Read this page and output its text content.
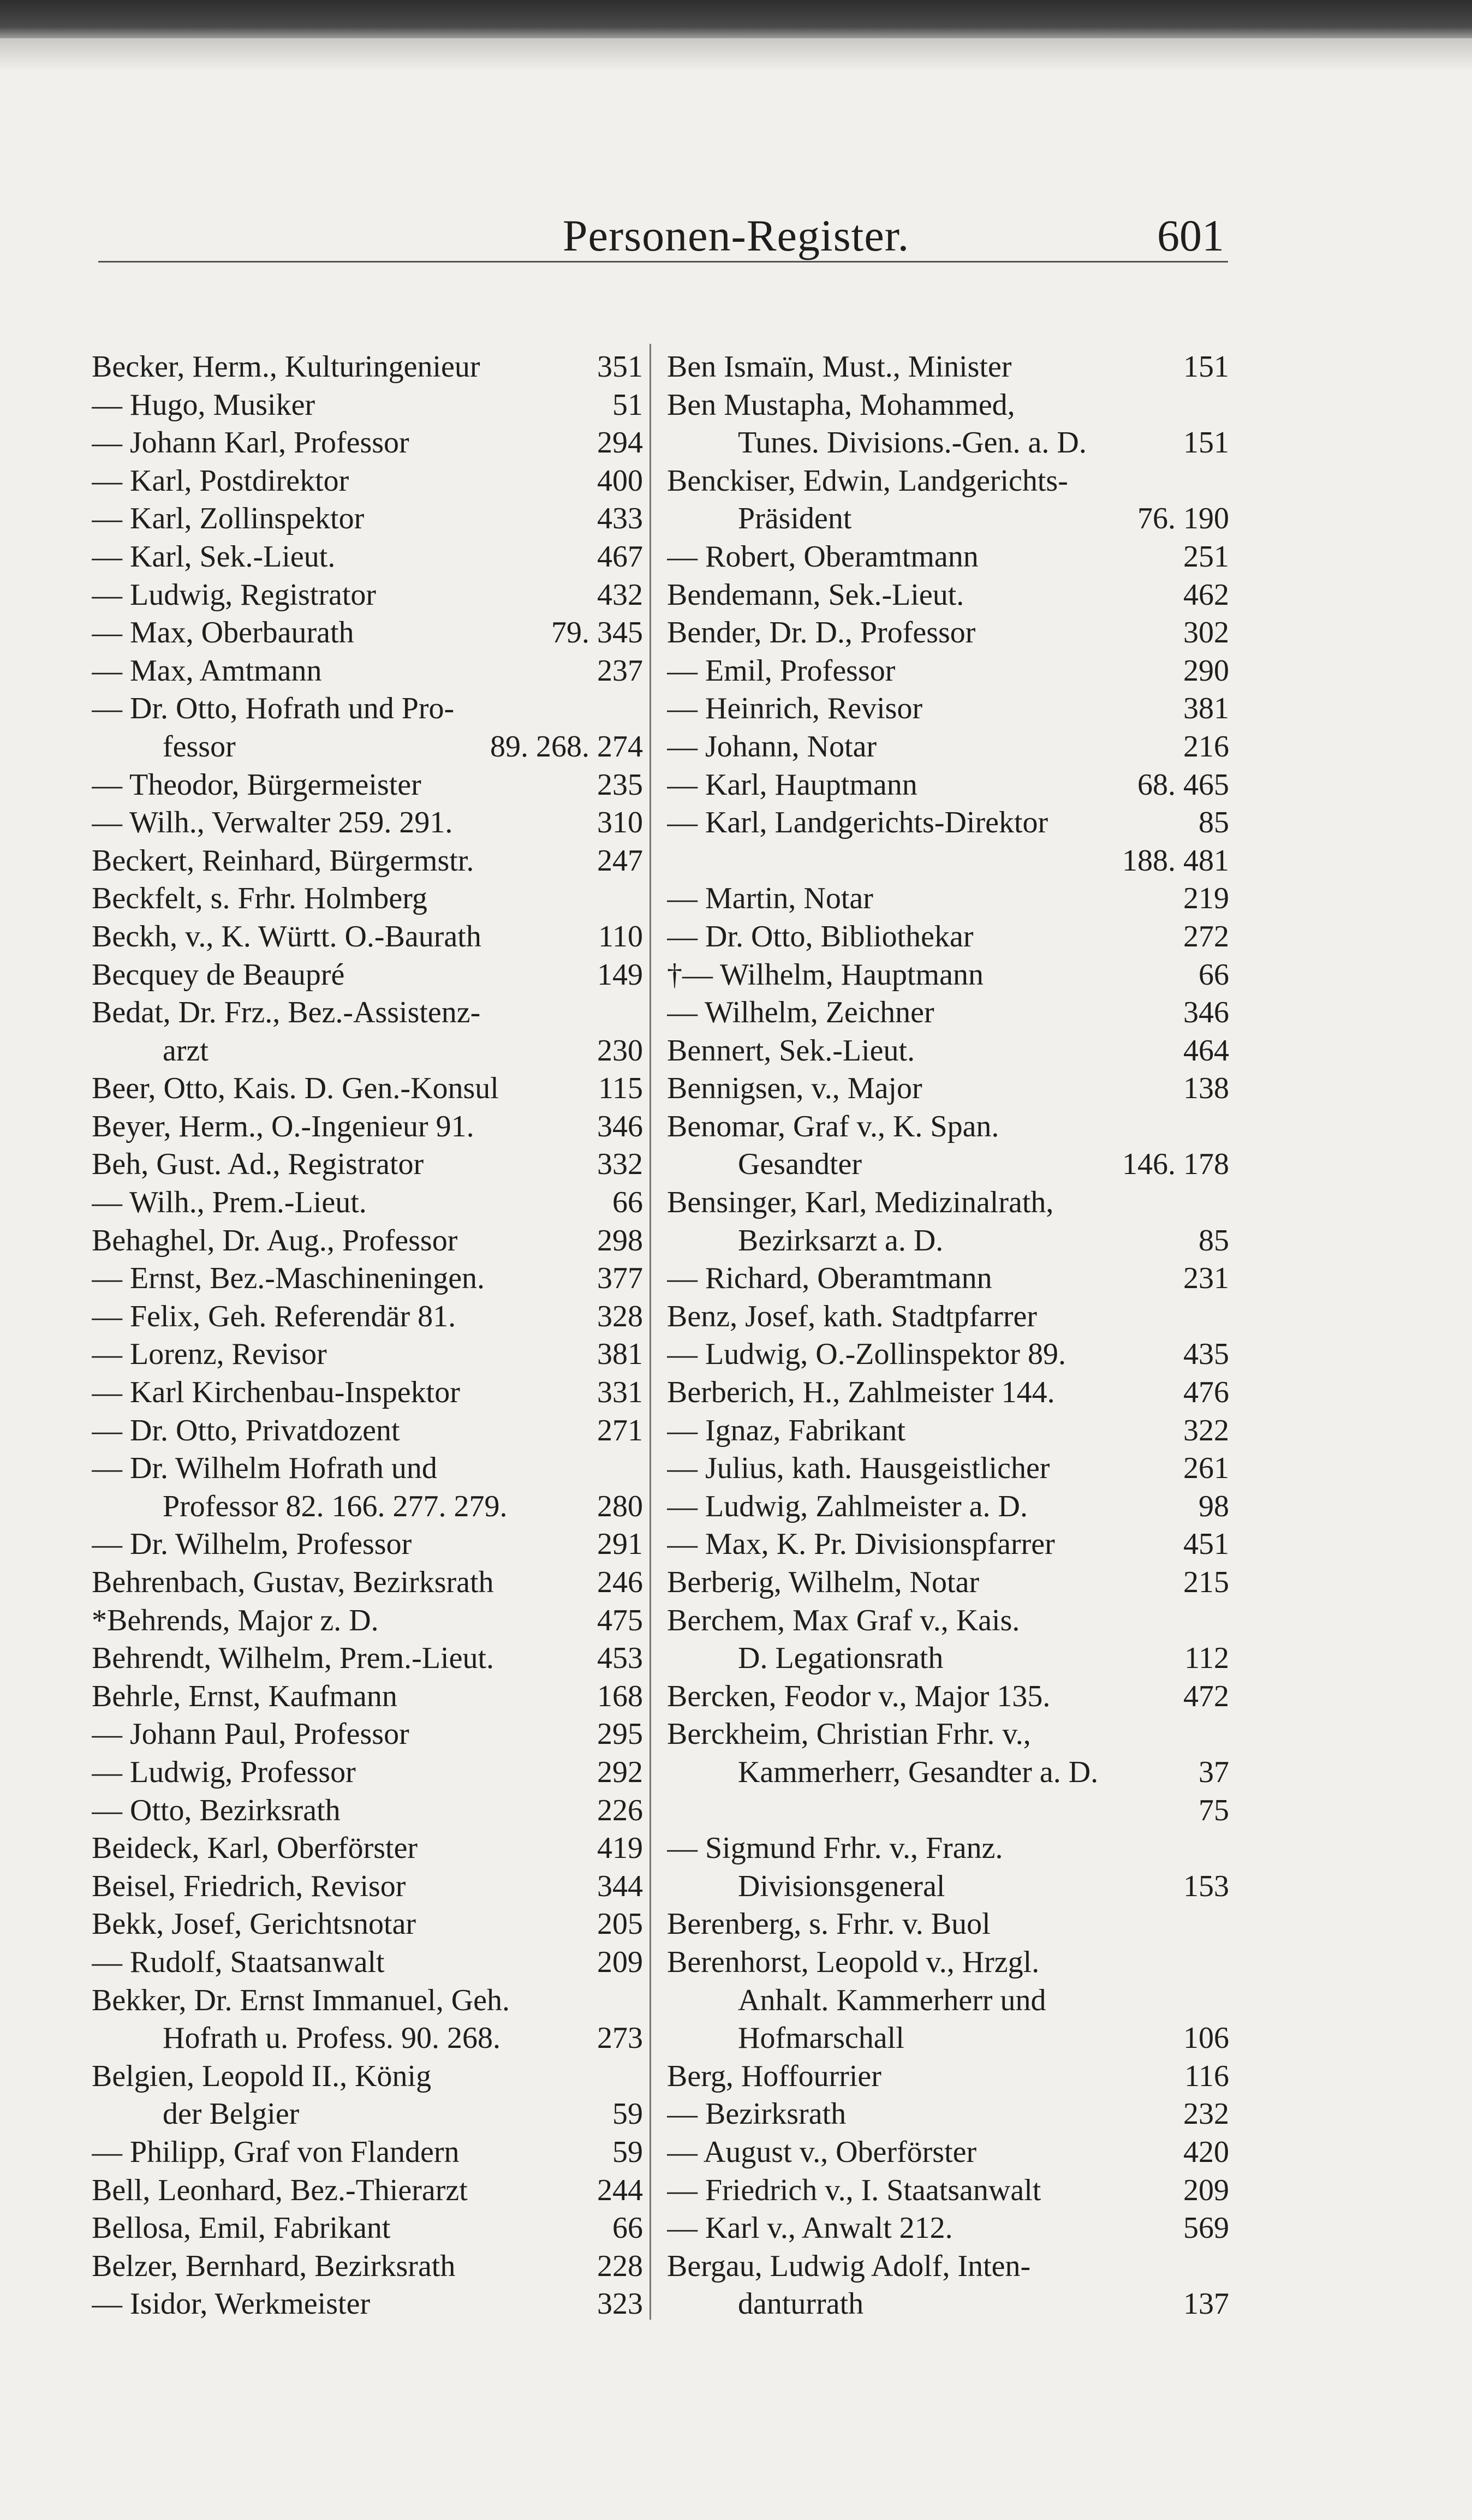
Personen-Register.	601
Becker, Herm., Kulturingenieur	351
— Hugo, Musiker	51
— Johann Karl, Professor	294
— Karl, Postdirektor	400
— Karl, Zollinspektor	433
— Karl, Sek.-Lieut.	467
— Ludwig, Registrator	432
— Max, Oberbaurath	79. 345
— Max, Amtmann	237
— Dr. Otto, Hofrath und Pro-
fessor	89. 268. 274
— Theodor, Bürgermeister	235
— Wilh., Verwalter 259. 291.	310
Beckert, Reinhard, Bürgermstr.	247
Beckfelt, s. Frhr. Holmberg
Beckh, v., K. Württ. O.-Baurath	110
Becquey de Beaupré	149
Bedat, Dr. Frz., Bez.-Assistenz-
arzt	230
Beer, Otto, Kais. D. Gen.-Konsul	115
Beyer, Herm., O.-Ingenieur 91.	346
Beh, Gust. Ad., Registrator	332
— Wilh., Prem.-Lieut.	66
Behaghel, Dr. Aug., Professor	298
— Ernst, Bez.-Maschineningen.	377
— Felix, Geh. Referendär 81.	328
— Lorenz, Revisor	381
— Karl Kirchenbau-Inspektor	331
— Dr. Otto, Privatdozent	271
— Dr. Wilhelm Hofrath und
Professor 82. 166. 277. 279.	280
— Dr. Wilhelm, Professor	291
Behrenbach, Gustav, Bezirksrath	246
*Behrends, Major z. D.	475
Behrendt, Wilhelm, Prem.-Lieut.	453
Behrle, Ernst, Kaufmann	168
— Johann Paul, Professor	295
— Ludwig, Professor	292
— Otto, Bezirksrath	226
Beideck, Karl, Oberförster	419
Beisel, Friedrich, Revisor	344
Bekk, Josef, Gerichtsnotar	205
— Rudolf, Staatsanwalt	209
Bekker, Dr. Ernst Immanuel, Geh.
Hofrath u. Profess. 90. 268.	273
Belgien, Leopold II., König
der Belgier	59
— Philipp, Graf von Flandern	59
Bell, Leonhard, Bez.-Thierarzt	244
Bellosa, Emil, Fabrikant	66
Belzer, Bernhard, Bezirksrath	228
— Isidor, Werkmeister	323
Ben Ismaïn, Must., Minister	151
Ben Mustapha, Mohammed,
Tunes. Divisions.-Gen. a. D.	151
Benckiser, Edwin, Landgerichts-
Präsident	76. 190
— Robert, Oberamtmann	251
Bendemann, Sek.-Lieut.	462
Bender, Dr. D., Professor	302
— Emil, Professor	290
— Heinrich, Revisor	381
— Johann, Notar	216
— Karl, Hauptmann	68. 465
— Karl, Landgerichts-Direktor	85
188. 481
— Martin, Notar	219
— Dr. Otto, Bibliothekar	272
†— Wilhelm, Hauptmann	66
— Wilhelm, Zeichner	346
Bennert, Sek.-Lieut.	464
Bennigsen, v., Major	138
Benomar, Graf v., K. Span.
Gesandter	146. 178
Bensinger, Karl, Medizinalrath,
Bezirksarzt a. D.	85
— Richard, Oberamtmann	231
Benz, Josef, kath. Stadtpfarrer
— Ludwig, O.-Zollinspektor 89.	435
Berberich, H., Zahlmeister 144.	476
— Ignaz, Fabrikant	322
— Julius, kath. Hausgeistlicher	261
— Ludwig, Zahlmeister a. D.	98
— Max, K. Pr. Divisionspfarrer	451
Berberig, Wilhelm, Notar	215
Berchem, Max Graf v., Kais.
D. Legationsrath	112
Bercken, Feodor v., Major 135.	472
Berckheim, Christian Frhr. v.,
Kammerherr, Gesandter a. D.	37
75
— Sigmund Frhr. v., Franz.
Divisionsgeneral	153
Berenberg, s. Frhr. v. Buol
Berenhorst, Leopold v., Hrzgl.
Anhalt. Kammerherr und
Hofmarschall	106
Berg, Hoffourrier	116
— Bezirksrath	232
— August v., Oberförster	420
— Friedrich v., I. Staatsanwalt	209
— Karl v., Anwalt 212.	569
Bergau, Ludwig Adolf, Inten-
danturrath	137
